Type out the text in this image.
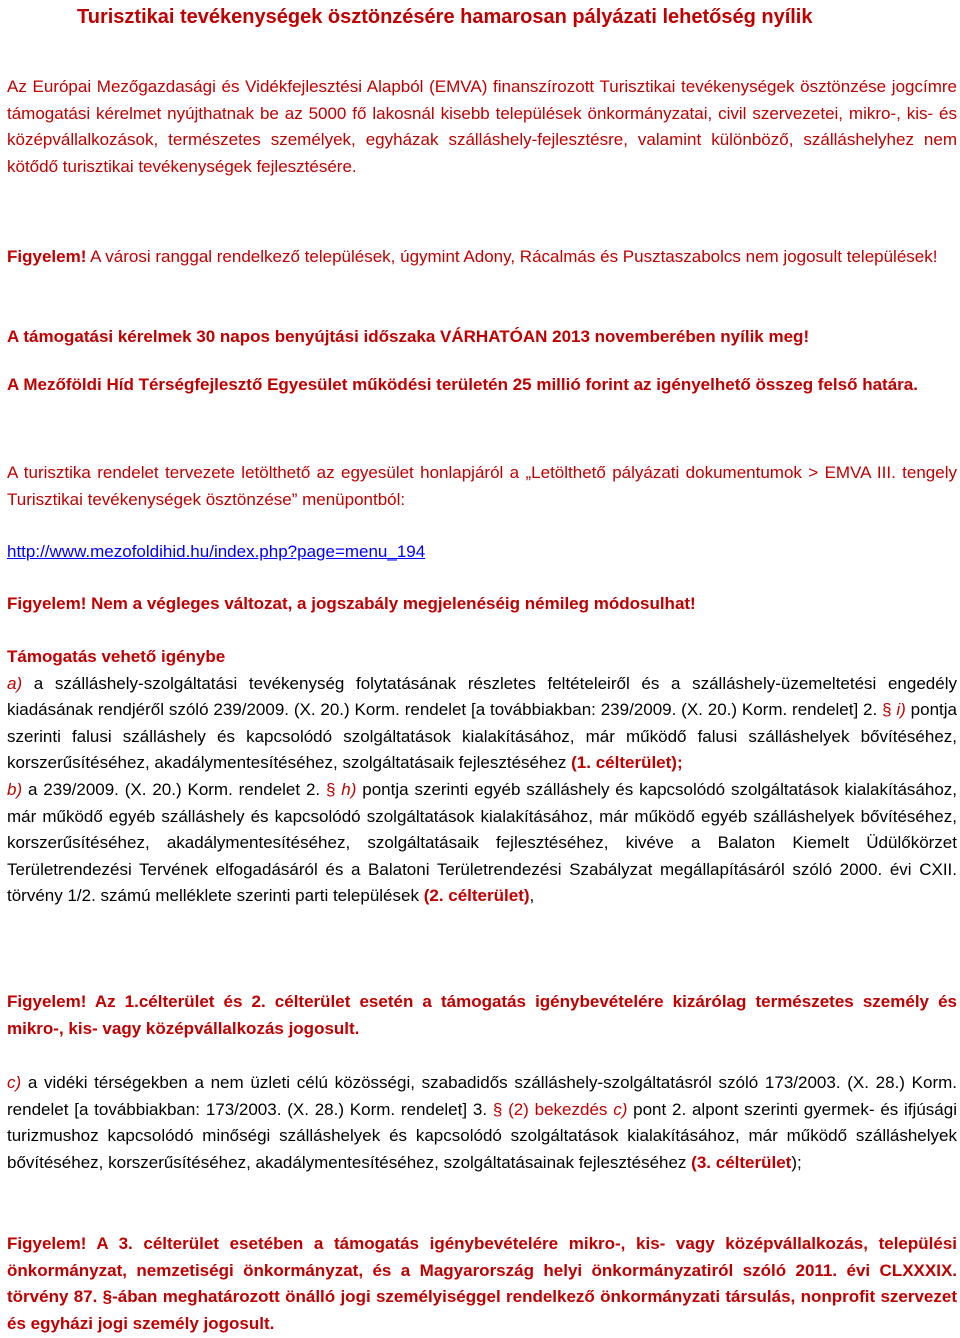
Turisztikai tevékenységek ösztönzésére hamarosan pályázati lehetőség nyílik

Az Európai Mezőgazdasági és Vidékfejlesztési Alapból (EMVA) finanszírozott Turisztikai tevékenységek ösztönzése jogcímre támogatási kérelmet nyújthatnak be az 5000 fő lakosnál kisebb települések önkormányzatai, civil szervezetei, mikro-, kis- és középvállalkozások, természetes személyek, egyházak szálláshely-fejlesztésre, valamint különböző, szálláshelyhez nem kötődő turisztikai tevékenységek fejlesztésére.

Figyelem! A városi ranggal rendelkező települések, úgymint Adony, Rácalmás és Pusztaszabolcs nem jogosult települések!

A támogatási kérelmek 30 napos benyújtási időszaka VÁRHATÓAN 2013 novemberében nyílik meg!

A Mezőföldi Híd Térségfejlesztő Egyesület működési területén 25 millió forint az igényelhető összeg felső határa.

A turisztika rendelet tervezete letölthető az egyesület honlapjáról a „Letölthető pályázati dokumentumok > EMVA III. tengely Turisztikai tevékenységek ösztönzése” menüpontból:

http://www.mezofoldihid.hu/index.php?page=menu_194

Figyelem! Nem a végleges változat, a jogszabály megjelenéséig némileg módosulhat!

Támogatás vehető igénybe
a) a szálláshely-szolgáltatási tevékenység folytatásának részletes feltételeiről és a szálláshely-üzemeltetési engedély kiadásának rendjéről szóló 239/2009. (X. 20.) Korm. rendelet [a továbbiakban: 239/2009. (X. 20.) Korm. rendelet] 2. § i) pontja szerinti falusi szálláshely és kapcsolódó szolgáltatások kialakításához, már működő falusi szálláshelyek bővítéséhez, korszerűsítéséhez, akadálymentesítéséhez, szolgáltatásaik fejlesztéséhez (1. célterület);
b) a 239/2009. (X. 20.) Korm. rendelet 2. § h) pontja szerinti egyéb szálláshely és kapcsolódó szolgáltatások kialakításához, már működő egyéb szálláshely és kapcsolódó szolgáltatások kialakításához, már működő egyéb szálláshelyek bővítéséhez, korszerűsítéséhez, akadálymentesítéséhez, szolgáltatásaik fejlesztéséhez, kivéve a Balaton Kiemelt Üdülőkörzet Területrendezési Tervének elfogadásáról és a Balatoni Területrendezési Szabályzat megállapításáról szóló 2000. évi CXII. törvény 1/2. számú melléklete szerinti parti települések (2. célterület),

Figyelem! Az 1.célterület és 2. célterület esetén a támogatás igénybevételére kizárólag természetes személy és mikro-, kis- vagy középvállalkozás jogosult.

c) a vidéki térségekben a nem üzleti célú közösségi, szabadidős szálláshely-szolgáltatásról szóló 173/2003. (X. 28.) Korm. rendelet [a továbbiakban: 173/2003. (X. 28.) Korm. rendelet] 3. § (2) bekezdés c) pont 2. alpont szerinti gyermek- és ifjúsági turizmushoz kapcsolódó minőségi szálláshelyek és kapcsolódó szolgáltatások kialakításához, már működő szálláshelyek bővítéséhez, korszerűsítéséhez, akadálymentesítéséhez, szolgáltatásainak fejlesztéséhez (3. célterület);

Figyelem! A 3. célterület esetében a támogatás igénybevételére mikro-, kis- vagy középvállalkozás, települési önkormányzat, nemzetiségi önkormányzat, és a Magyarország helyi önkormányzatiról szóló 2011. évi CLXXXIX. törvény 87. §-ában meghatározott önálló jogi személyiséggel rendelkező önkormányzati társulás, nonprofit szervezet és egyházi jogi személy jogosult.
